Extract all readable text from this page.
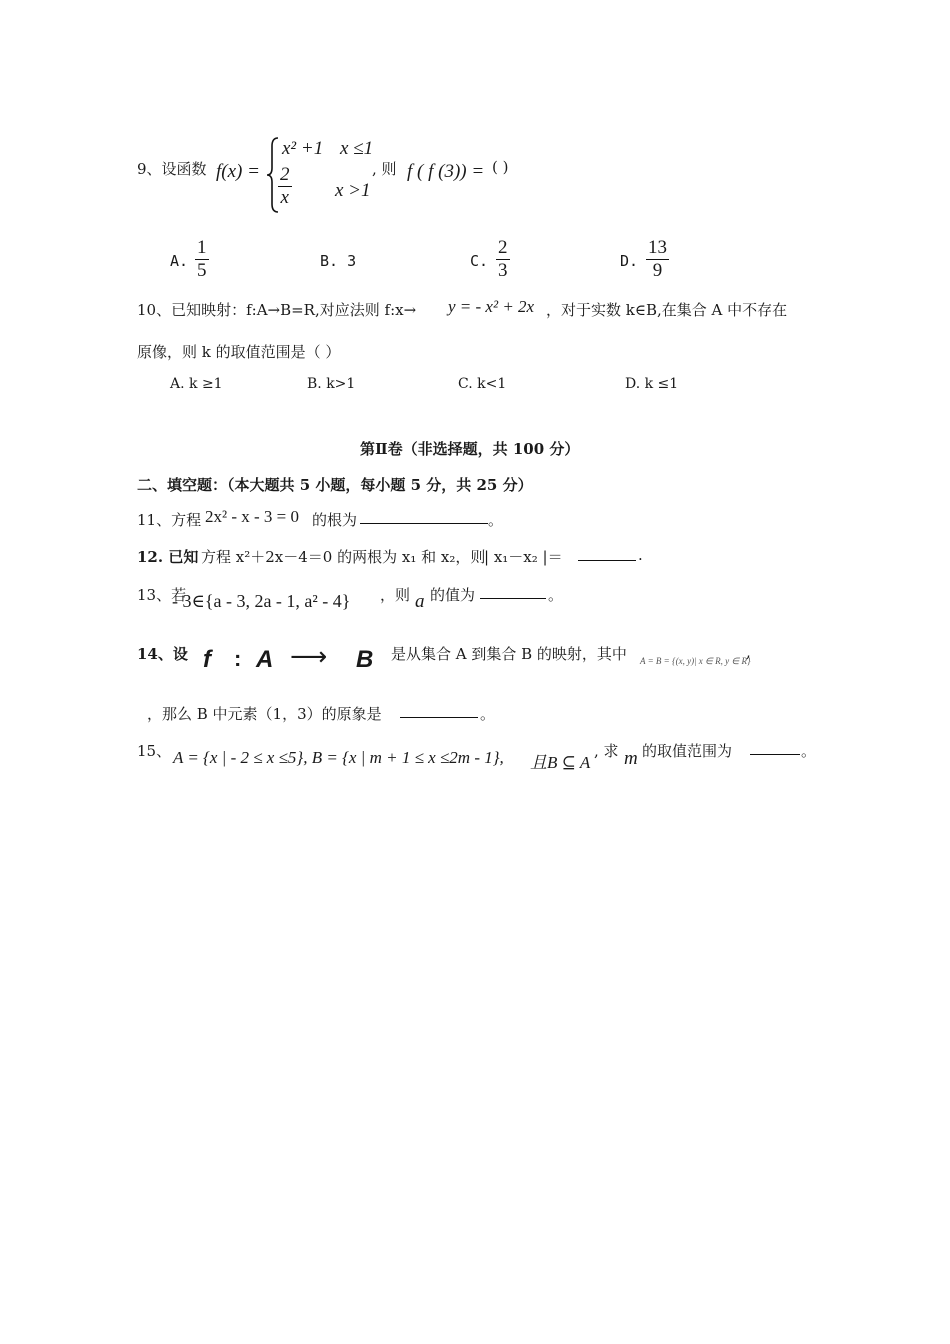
9、设函数 f(x) =
x² +1 x ≤1
$\frac{2}{x}$ x >1
, 则 f ( f (3)) = ( )
A. $\frac{1}{5}$	B. 3	C. $\frac{2}{3}$	D. $\frac{13}{9}$
10、已知映射：f:A→B=R,对应法则 f:x→ y = - x² + 2x ，对于实数 k∈B,在集合 A 中不存在
原像，则 k 的取值范围是（ ）
A. k ≥1	B. k>1	C. k<1	D. k ≤1
第Ⅱ卷（非选择题，共 100 分）
二、填空题：（本大题共 5 小题，每小题 5 分，共 25 分）
11、方程 2x² - x - 3 = 0 的根为	。
12. 已知 方程 x²＋2x－4＝0 的两根为 x₁ 和 x₂，则
| x₁－x₂ |＝	.
13、若
- 3∈{a - 3, 2a - 1, a² - 4} ，则 a 的值为	。
14、设 f : A ⟶ B 是从集合 A 到集合 B 的映射，其中 A = B = {(x, y)| x ∈ R, y ∈ R}
,
，那么 B 中元素（1，3）的原象是	。
15、 A = {x | - 2 ≤ x ≤5}, B = {x | m + 1 ≤ x ≤2m - 1}, 且B ⊆ A
, 求 m 的取值范围为	。
